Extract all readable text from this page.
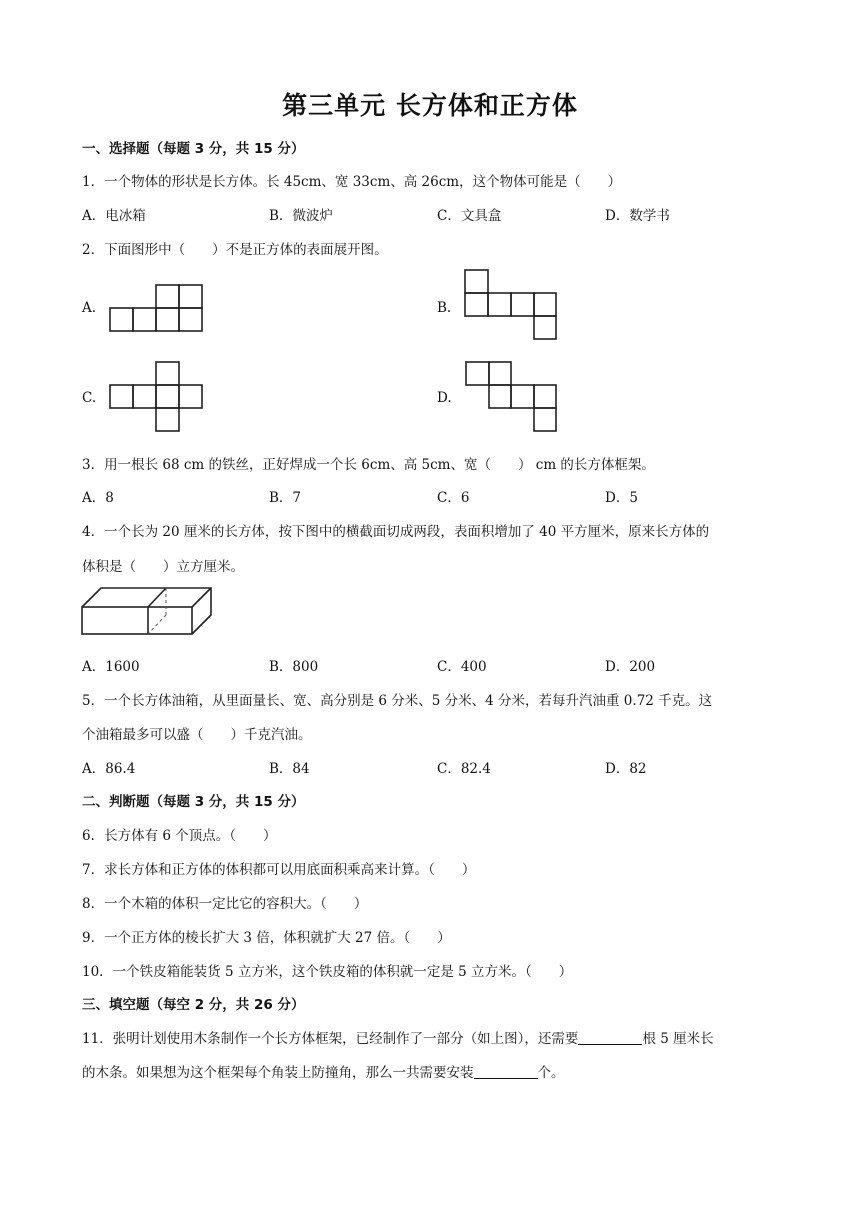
第三单元 长方体和正方体
一、选择题（每题 3 分，共 15 分）
1．一个物体的形状是长方体。长 45cm、宽 33cm、高 26cm，这个物体可能是（　　）
A．电冰箱	B．微波炉	C．文具盒	D．数学书
2．下面图形中（　　）不是正方体的表面展开图。
A.	B.
C.	D.
3．用一根长 68 cm 的铁丝，正好焊成一个长 6cm、高 5cm、宽（　　） cm 的长方体框架。
A．8	B．7	C．6	D．5
4．一个长为 20 厘米的长方体，按下图中的横截面切成两段，表面积增加了 40 平方厘米，原来长方体的
体积是（　　）立方厘米。
A．1600	B．800	C．400	D．200
5．一个长方体油箱，从里面量长、宽、高分别是 6 分米、5 分米、4 分米，若每升汽油重 0.72 千克。这
个油箱最多可以盛（　　）千克汽油。
A．86.4	B．84	C．82.4	D．82
二、判断题（每题 3 分，共 15 分）
6．长方体有 6 个顶点。（　　）
7．求长方体和正方体的体积都可以用底面积乘高来计算。（　　）
8．一个木箱的体积一定比它的容积大。（　　）
9．一个正方体的棱长扩大 3 倍，体积就扩大 27 倍。（　　）
10．一个铁皮箱能装货 5 立方米，这个铁皮箱的体积就一定是 5 立方米。（　　）
三、填空题（每空 2 分，共 26 分）
11．张明计划使用木条制作一个长方体框架，已经制作了一部分（如上图），还需要	根 5 厘米长
的木条。如果想为这个框架每个角装上防撞角，那么一共需要安装	个。
